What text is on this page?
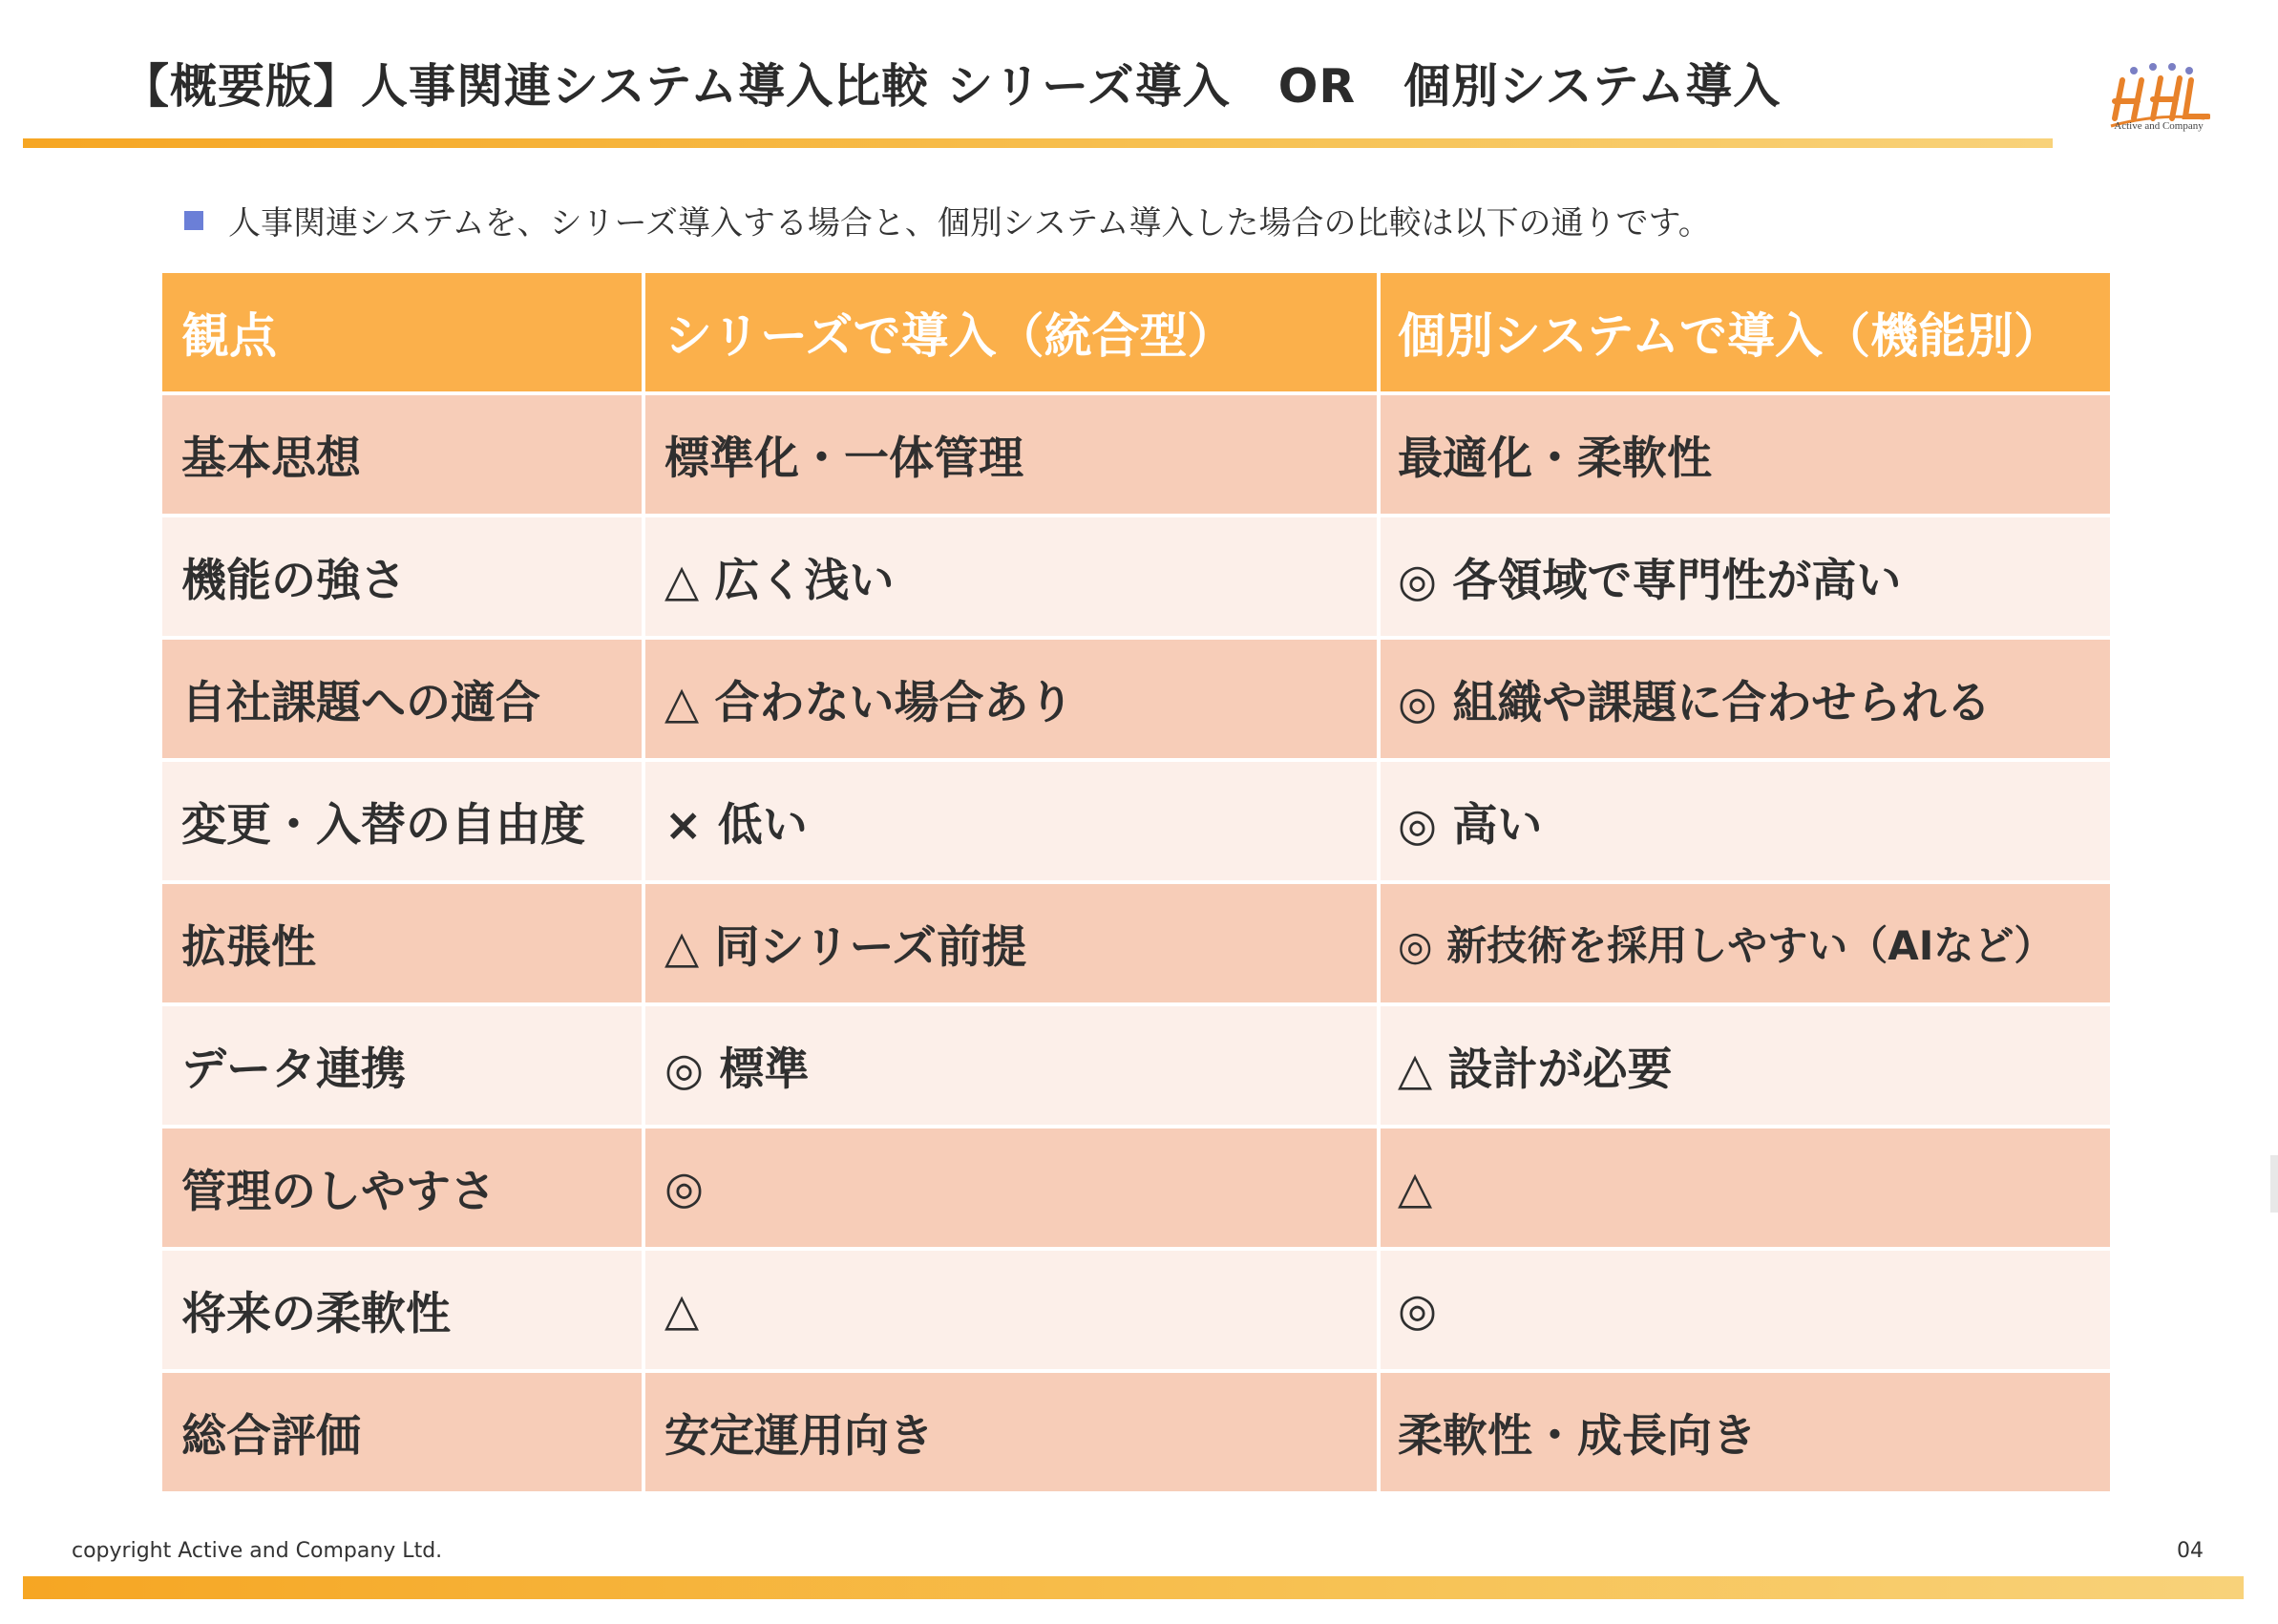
【概要版】人事関連システム導入比較 シリーズ導入　OR　個別システム導入
Active and Company
人事関連システムを、シリーズ導入する場合と、個別システム導入した場合の比較は以下の通りです。
観点	シリーズで導入（統合型）	個別システムで導入（機能別）
基本思想	標準化・一体管理	最適化・柔軟性
機能の強さ	△ 広く浅い	◎ 各領域で専門性が高い
自社課題への適合	△ 合わない場合あり	◎ 組織や課題に合わせられる
変更・入替の自由度	× 低い	◎ 高い
拡張性	△ 同シリーズ前提	◎ 新技術を採用しやすい（AIなど）
データ連携	◎ 標準	△ 設計が必要
管理のしやすさ	◎	△
将来の柔軟性	△	◎
総合評価	安定運用向き	柔軟性・成長向き
copyright Active and Company Ltd.	04
